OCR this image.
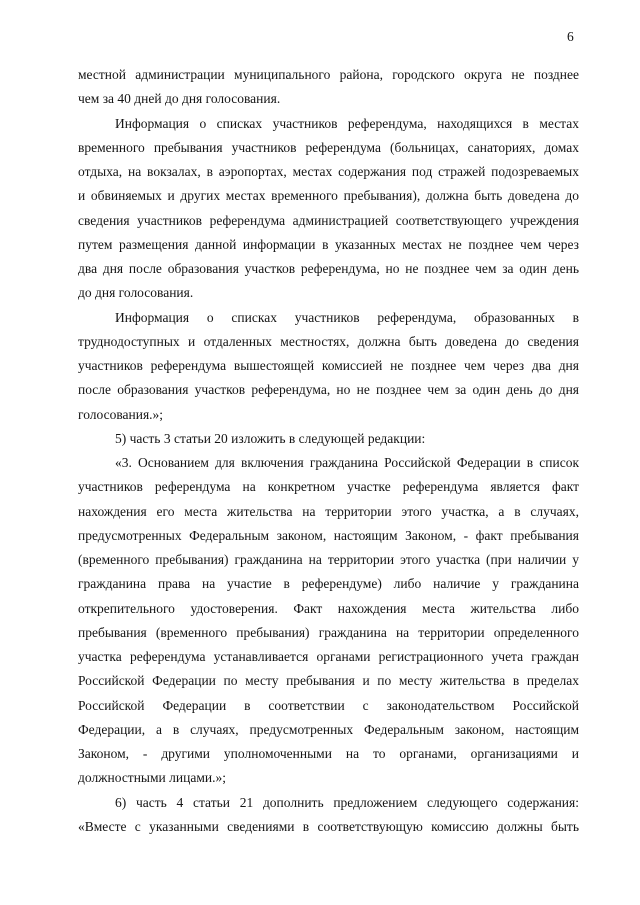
6
местной администрации муниципального района, городского округа не позднее
чем за 40 дней до дня голосования.
Информация о списках участников референдума, находящихся в местах
временного пребывания участников референдума (больницах, санаториях, домах
отдыха, на вокзалах, в аэропортах, местах содержания под стражей подозреваемых
и обвиняемых и других местах временного пребывания), должна быть доведена до
сведения участников референдума администрацией соответствующего учреждения
путем размещения данной информации в указанных местах не позднее чем через
два дня после образования участков референдума, но не позднее чем за один день
до дня голосования.
Информация о списках участников референдума, образованных в
труднодоступных и отдаленных местностях, должна быть доведена до сведения
участников референдума вышестоящей комиссией не позднее чем через два дня
после образования участков референдума, но не позднее чем за один день до дня
голосования.»;
5) часть 3 статьи 20 изложить в следующей редакции:
«3. Основанием для включения гражданина Российской Федерации в список
участников референдума на конкретном участке референдума является факт
нахождения его места жительства на территории этого участка, а в случаях,
предусмотренных Федеральным законом, настоящим Законом, - факт пребывания
(временного пребывания) гражданина на территории этого участка (при наличии у
гражданина права на участие в референдуме) либо наличие у гражданина
открепительного удостоверения. Факт нахождения места жительства либо
пребывания (временного пребывания) гражданина на территории определенного
участка референдума устанавливается органами регистрационного учета граждан
Российской Федерации по месту пребывания и по месту жительства в пределах
Российской Федерации в соответствии с законодательством Российской
Федерации, а в случаях, предусмотренных Федеральным законом, настоящим
Законом, - другими уполномоченными на то органами, организациями и
должностными лицами.»;
6) часть 4 статьи 21 дополнить предложением следующего содержания:
«Вместе с указанными сведениями в соответствующую комиссию должны быть
